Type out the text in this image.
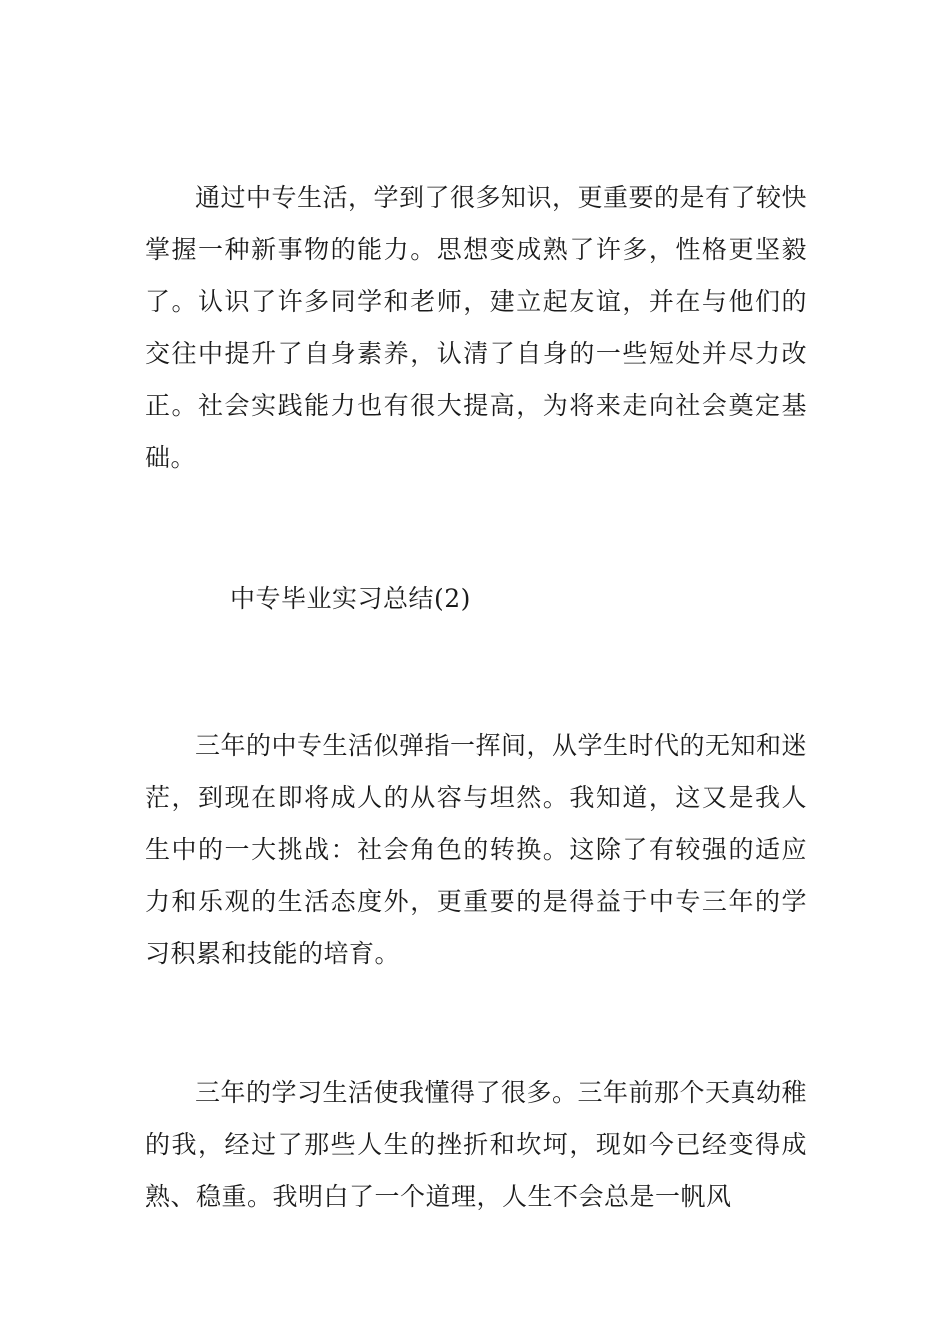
通过中专生活，学到了很多知识，更重要的是有了较快掌握一种新事物的能力。思想变成熟了许多，性格更坚毅了。认识了许多同学和老师，建立起友谊，并在与他们的交往中提升了自身素养，认清了自身的一些短处并尽力改正。社会实践能力也有很大提高，为将来走向社会奠定基础。

中专毕业实习总结(2)

三年的中专生活似弹指一挥间，从学生时代的无知和迷茫，到现在即将成人的从容与坦然。我知道，这又是我人生中的一大挑战：社会角色的转换。这除了有较强的适应力和乐观的生活态度外，更重要的是得益于中专三年的学习积累和技能的培育。

三年的学习生活使我懂得了很多。三年前那个天真幼稚的我，经过了那些人生的挫折和坎坷，现如今已经变得成熟、稳重。我明白了一个道理，人生不会总是一帆风
